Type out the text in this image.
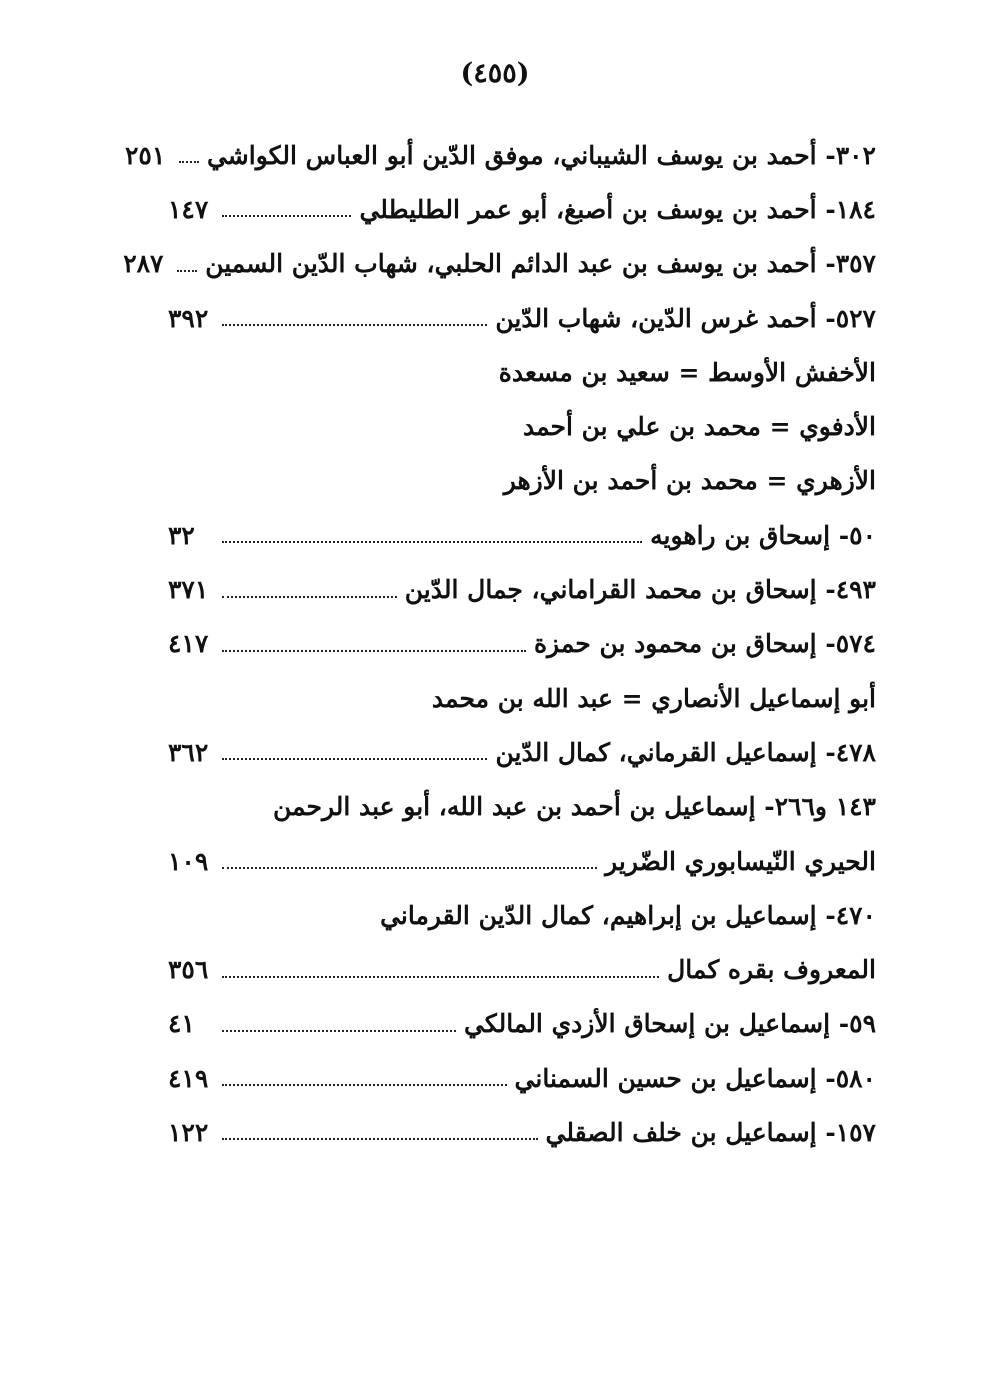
(٤٥٥)
٣٠٢- أحمد بن يوسف الشيباني، موفق الدّين أبو العباس الكواشي
٢٥١
١٨٤- أحمد بن يوسف بن أصبغ، أبو عمر الطليطلي
١٤٧
٣٥٧- أحمد بن يوسف بن عبد الدائم الحلبي، شهاب الدّين السمين
٢٨٧
٥٢٧- أحمد غرس الدّين، شهاب الدّين
٣٩٢
الأخفش الأوسط = سعيد بن مسعدة
الأدفوي = محمد بن علي بن أحمد
الأزهري = محمد بن أحمد بن الأزهر
٥٠- إسحاق بن راهويه
٣٢
٤٩٣- إسحاق بن محمد القراماني، جمال الدّين
٣٧١
٥٧٤- إسحاق بن محمود بن حمزة
٤١٧
أبو إسماعيل الأنصاري = عبد الله بن محمد
٤٧٨- إسماعيل القرماني، كمال الدّين
٣٦٢
١٤٣ و٢٦٦- إسماعيل بن أحمد بن عبد الله، أبو عبد الرحمن
الحيري النّيسابوري الضّرير
١٠٩
٤٧٠- إسماعيل بن إبراهيم، كمال الدّين القرماني
المعروف بقره كمال
٣٥٦
٥٩- إسماعيل بن إسحاق الأزدي المالكي
٤١
٥٨٠- إسماعيل بن حسين السمناني
٤١٩
١٥٧- إسماعيل بن خلف الصقلي
١٢٢
